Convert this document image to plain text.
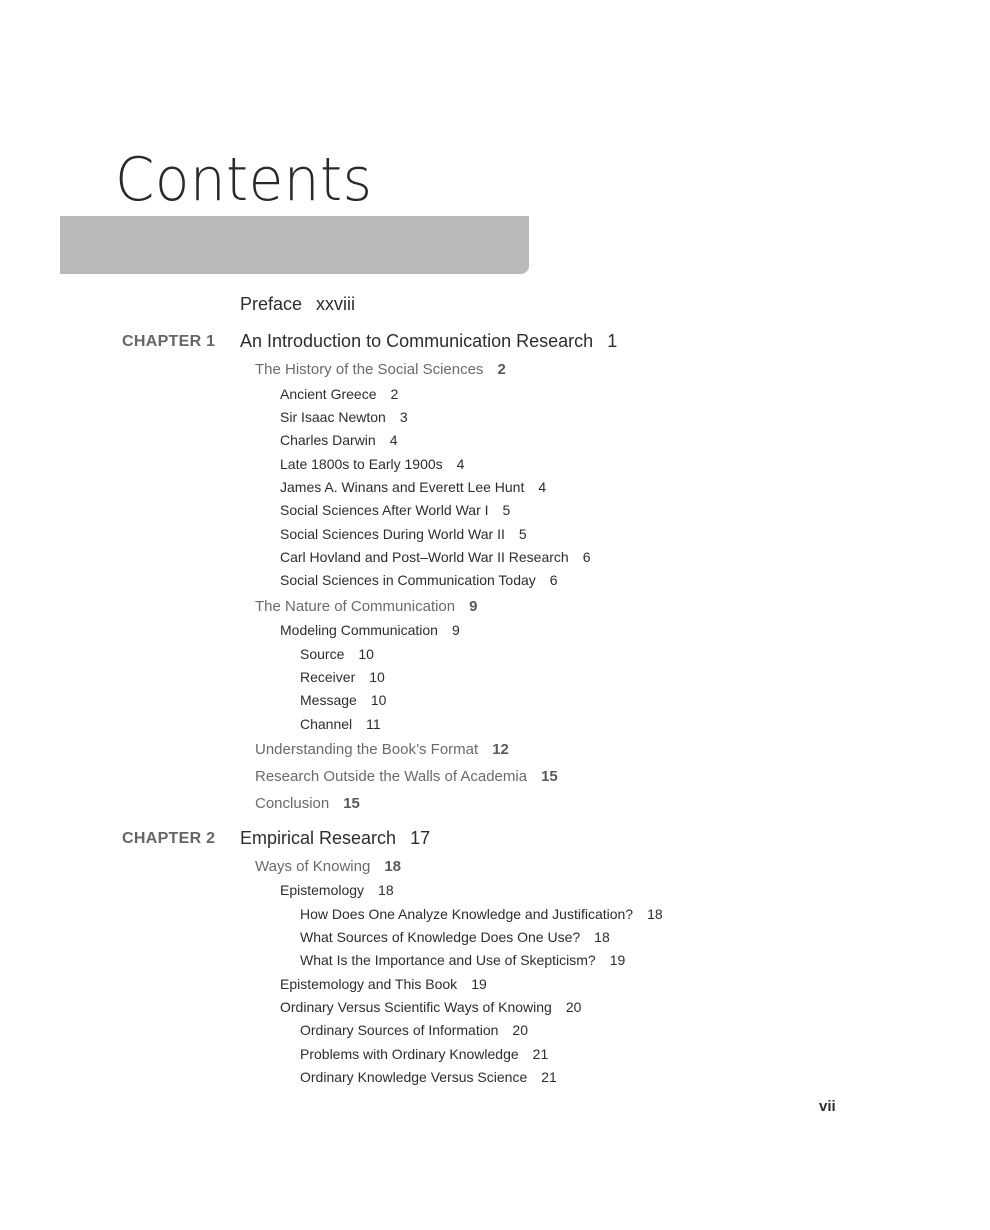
Contents
Preface xxviii
CHAPTER 1 An Introduction to Communication Research 1
The History of the Social Sciences 2
Ancient Greece 2
Sir Isaac Newton 3
Charles Darwin 4
Late 1800s to Early 1900s 4
James A. Winans and Everett Lee Hunt 4
Social Sciences After World War I 5
Social Sciences During World War II 5
Carl Hovland and Post–World War II Research 6
Social Sciences in Communication Today 6
The Nature of Communication 9
Modeling Communication 9
Source 10
Receiver 10
Message 10
Channel 11
Understanding the Book’s Format 12
Research Outside the Walls of Academia 15
Conclusion 15
CHAPTER 2 Empirical Research 17
Ways of Knowing 18
Epistemology 18
How Does One Analyze Knowledge and Justification? 18
What Sources of Knowledge Does One Use? 18
What Is the Importance and Use of Skepticism? 19
Epistemology and This Book 19
Ordinary Versus Scientific Ways of Knowing 20
Ordinary Sources of Information 20
Problems with Ordinary Knowledge 21
Ordinary Knowledge Versus Science 21
vii
